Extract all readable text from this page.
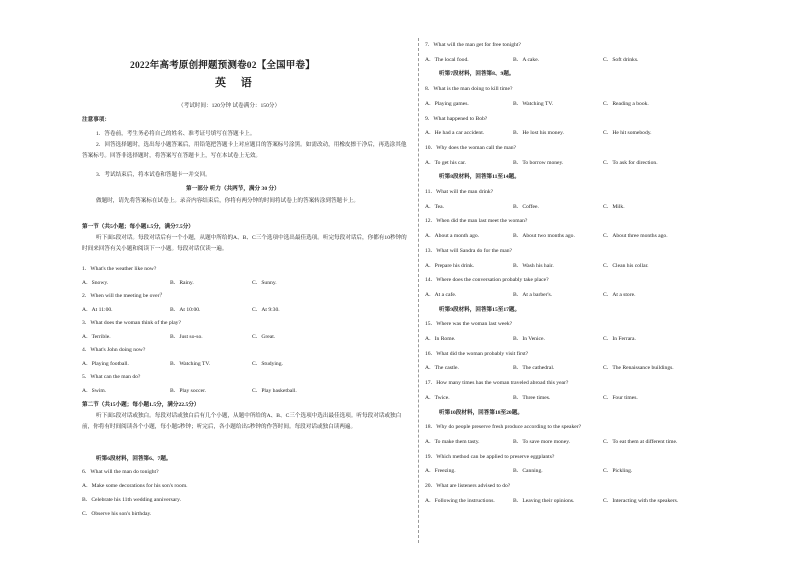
2022年高考原创押题预测卷02【全国甲卷】
英 语
（考试时间：120分钟 试卷满分：150分）
注意事项：
1．答卷前，考生务必将自己的姓名、准考证号填写在答题卡上。
2．回答选择题时，选出每小题答案后，用铅笔把答题卡上对应题目的答案标号涂黑。如需改动，用橡皮擦干净后，再选涂其他答案标号。回答非选择题时，将答案写在答题卡上，写在本试卷上无效。
3．考试结束后，将本试卷和答题卡一并交回。
第一部分 听力（共两节，满分 30 分）
做题时，请先将答案标在试卷上。录音内容结束后，你将有两分钟的时间将试卷上的答案转涂到答题卡上。
第一节（共5小题；每小题1.5分，满分7.5分）
听下面5段对话。每段对话后有一个小题，从题中所给的A、B、C三个选项中选出最佳选项。听完每段对话后，你都有10秒钟的时间来回答有关小题和阅读下一小题。每段对话仅读一遍。
1．What's the weather like now?
A．Snowy.	B．Rainy.	C．Sunny.
2．When will the meeting be over？
A．At 11:00.	B．At 10:00.	C．At 9:30.
3．What does the woman think of the play?
A．Terrible.	B．Just so-so.	C．Great.
4．What's John doing now?
A．Playing football.	B．Watching TV.	C．Studying.
5．What can the man do?
A．Swim.	B．Play soccer.	C．Play basketball.
第二节（共15小题；每小题1.5分，满分22.5分）
听下面5段对话或独白。每段对话或独白后有几个小题，从题中所给的A、B、C三个选项中选出最佳选项。听每段对话或独白前，你将有时间阅读各个小题，每小题5秒钟；听完后，各小题给出5秒钟的作答时间。每段对话或独白读两遍。
听第6段材料，回答第6、7题。
6．What will the man do tonight?
A．Make some decorations for his son's room.
B．Celebrate his 11th wedding anniversary.
C．Observe his son's birthday.
7．What will the man get for free tonight?
A．The local food.	B．A cake.	C．Soft drinks.
听第7段材料，回答第8、9题。
8．What is the man doing to kill time?
A．Playing games.	B．Watching TV.	C．Reading a book.
9．What happened to Bob?
A．He had a car accident.	B．He lost his money.	C．He hit somebody.
10．Why does the woman call the man?
A．To get his car.	B．To borrow money.	C．To ask for direction.
听第8段材料，回答第11至14题。
11．What will the man drink?
A．Tea.	B．Coffee.	C．Milk.
12．When did the man last meet the woman?
A．About a month ago.	B．About two months ago.	C．About three months ago.
13．What will Sandra do for the man?
A．Prepare his drink.	B．Wash his hair.	C．Clean his collar.
14．Where does the conversation probably take place?
A．At a cafe.	B．At a barber's.	C．At a store.
听第9段材料，回答第15至17题。
15．Where was the woman last week?
A．In Rome.	B．In Venice.	C．In Ferrara.
16．What did the woman probably visit first?
A．The castle.	B．The cathedral.	C．The Renaissance buildings.
17．How many times has the woman traveled abroad this year?
A．Twice.	B．Three times.	C．Four times.
听第10段材料，回答第18至20题。
18．Why do people preserve fresh produce according to the speaker?
A．To make them tasty.	B．To save more money.	C．To eat them at different time.
19．Which method can be applied to preserve eggplants?
A．Freezing.	B．Canning.	C．Pickling.
20．What are listeners advised to do?
A．Following the instructions.	B．Leaving their opinions.	C．Interacting with the speakers.
